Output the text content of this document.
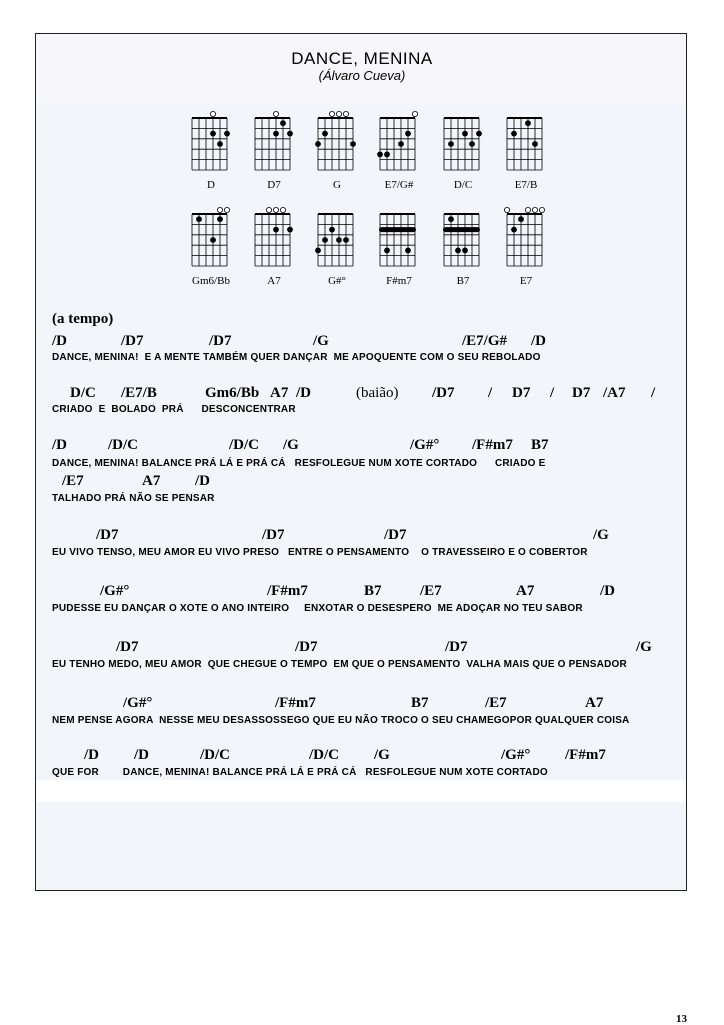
DANCE, MENINA
(Álvaro Cueva)
D	D7	G	E7/G#	D/C	E7/B
Gm6/Bb	A7	G#°	F#m7	B7	E7
(a tempo)
/D	/D7	/D7	/G	/E7/G# /D
DANCE, MENINA!  E A MENTE TAMBÉM QUER DANÇAR  ME APOQUENTE COM O SEU REBOLADO
D/C /E7/B	Gm6/Bb A7 /D	(baião) /D7 / D7 / D7 /A7 /
CRIADO  E  BOLADO  PRÁ      DESCONCENTRAR
/D	/D/C	/D/C /G	/G#° /F#m7 B7
DANCE, MENINA! BALANCE PRÁ LÁ E PRÁ CÁ   RESFOLEGUE NUM XOTE CORTADO      CRIADO E
/E7	A7 /D
TALHADO PRÁ NÃO SE PENSAR
/D7	/D7	/D7	/G
EU VIVO TENSO, MEU AMOR EU VIVO PRESO   ENTRE O PENSAMENTO    O TRAVESSEIRO E O COBERTOR
/G#°	/F#m7	B7	/E7	A7	/D
PUDESSE EU DANÇAR O XOTE O ANO INTEIRO     ENXOTAR O DESESPERO  ME ADOÇAR NO TEU SABOR
/D7	/D7	/D7	/G
EU TENHO MEDO, MEU AMOR  QUE CHEGUE O TEMPO  EM QUE O PENSAMENTO  VALHA MAIS QUE O PENSADOR
/G#°	/F#m7	B7	/E7	A7
NEM PENSE AGORA  NESSE MEU DESASSOSSEGO QUE EU NÃO TROCO O SEU CHAMEGOPOR QUALQUER COISA
/D /D	/D/C	/D/C /G	/G#° /F#m7
QUE FOR        DANCE, MENINA! BALANCE PRÁ LÁ E PRÁ CÁ   RESFOLEGUE NUM XOTE CORTADO
13
